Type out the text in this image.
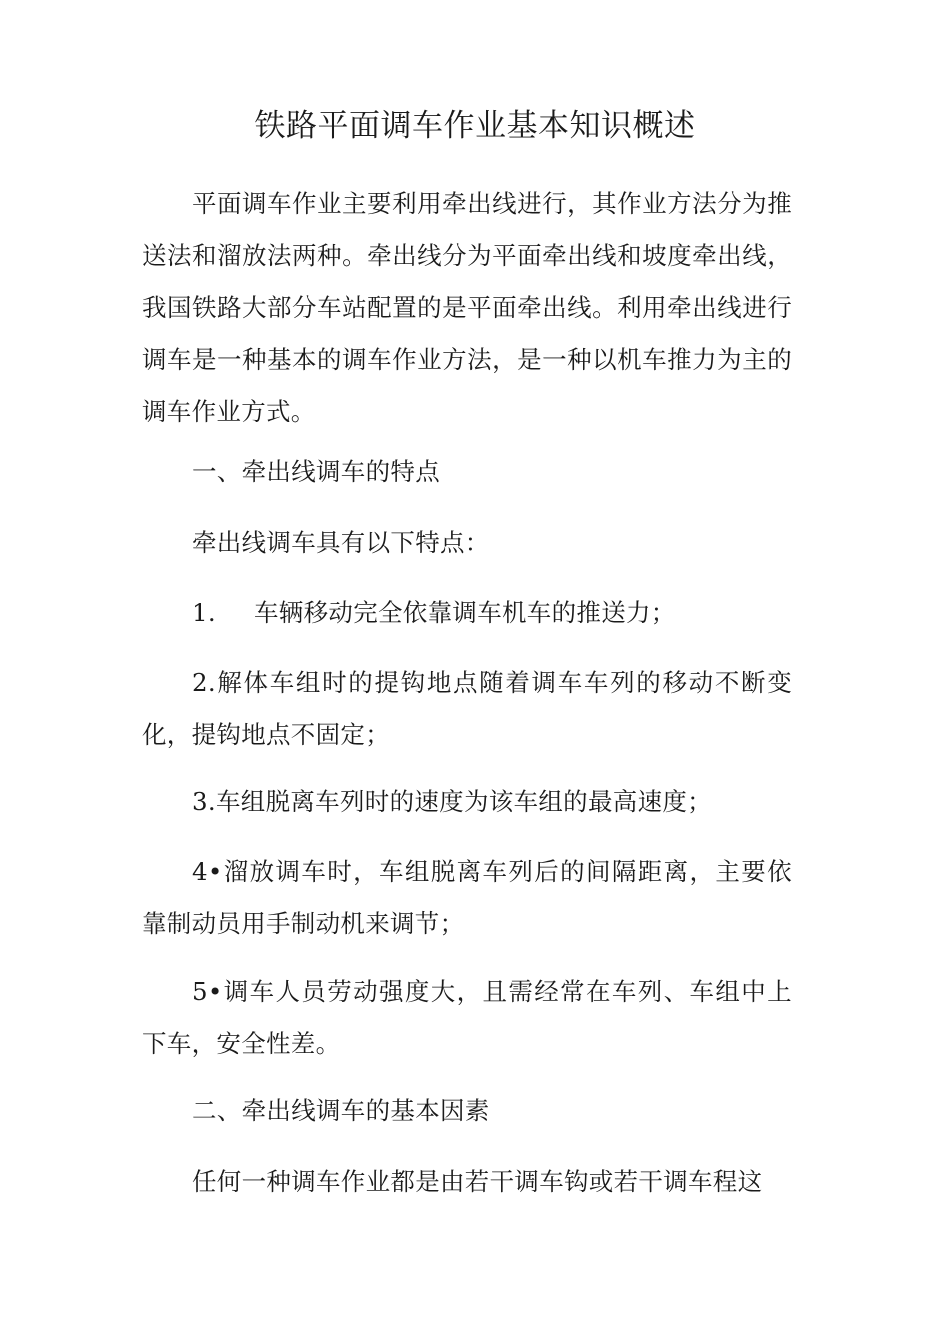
铁路平面调车作业基本知识概述

平面调车作业主要利用牵出线进行，其作业方法分为推送法和溜放法两种。牵出线分为平面牵出线和坡度牵出线，我国铁路大部分车站配置的是平面牵出线。利用牵出线进行调车是一种基本的调车作业方法，是一种以机车推力为主的调车作业方式。

一、牵出线调车的特点

牵出线调车具有以下特点：

1. 车辆移动完全依靠调车机车的推送力；

2.解体车组时的提钩地点随着调车车列的移动不断变化，提钩地点不固定；

3.车组脱离车列时的速度为该车组的最高速度；

4•溜放调车时，车组脱离车列后的间隔距离，主要依靠制动员用手制动机来调节；

5•调车人员劳动强度大，且需经常在车列、车组中上下车，安全性差。

二、牵出线调车的基本因素

任何一种调车作业都是由若干调车钩或若干调车程这
